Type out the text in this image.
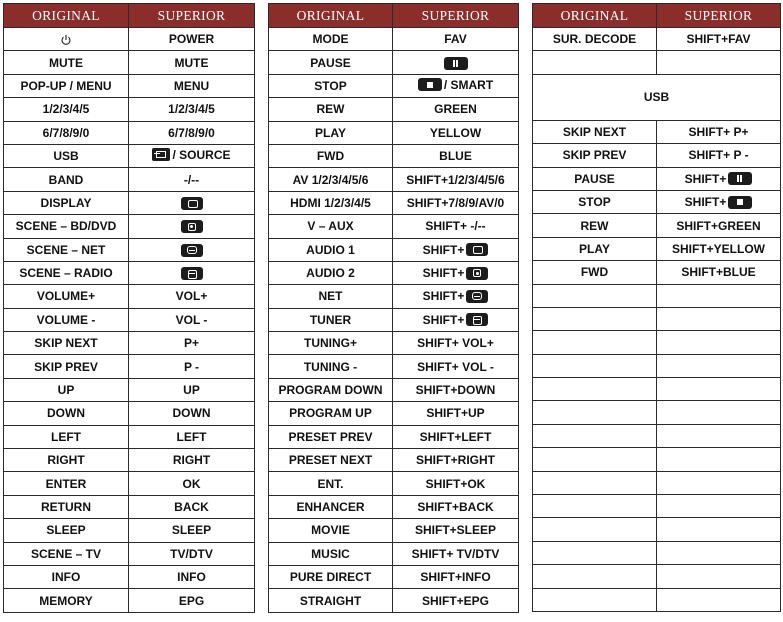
ORIGINAL	SUPERIOR
	POWER
MUTE	MUTE
POP-UP / MENU	MENU
1/2/3/4/5	1/2/3/4/5
6/7/8/9/0	6/7/8/9/0
USB	/ SOURCE

BAND	-/--
DISPLAY	
SCENE – BD/DVD	
SCENE – NET	
SCENE – RADIO	
VOLUME+	VOL+
VOLUME -	VOL -
SKIP NEXT	P+
SKIP PREV	P -
UP	UP
DOWN	DOWN
LEFT	LEFT
RIGHT	RIGHT
ENTER	OK
RETURN	BACK
SLEEP	SLEEP
SCENE – TV	TV/DTV
INFO	INFO
MEMORY	EPG
ORIGINAL	SUPERIOR
MODE	FAV
PAUSE	
STOP	/ SMART

REW	GREEN
PLAY	YELLOW
FWD	BLUE
AV 1/2/3/4/5/6	SHIFT+1/2/3/4/5/6
HDMI 1/2/3/4/5	SHIFT+7/8/9/AV/0
V – AUX	SHIFT+ -/--
AUDIO 1	SHIFT+

AUDIO 2	SHIFT+

NET	SHIFT+

TUNER	SHIFT+

TUNING+	SHIFT+ VOL+
TUNING -	SHIFT+ VOL -
PROGRAM DOWN	SHIFT+DOWN
PROGRAM UP	SHIFT+UP
PRESET PREV	SHIFT+LEFT
PRESET NEXT	SHIFT+RIGHT
ENT.	SHIFT+OK
ENHANCER	SHIFT+BACK
MOVIE	SHIFT+SLEEP
MUSIC	SHIFT+ TV/DTV
PURE DIRECT	SHIFT+INFO
STRAIGHT	SHIFT+EPG
ORIGINAL	SUPERIOR
SUR. DECODE	SHIFT+FAV

USB	
SKIP NEXT	SHIFT+ P+
SKIP PREV	SHIFT+ P -
PAUSE	SHIFT+

STOP	SHIFT+

REW	SHIFT+GREEN
PLAY	SHIFT+YELLOW
FWD	SHIFT+BLUE
